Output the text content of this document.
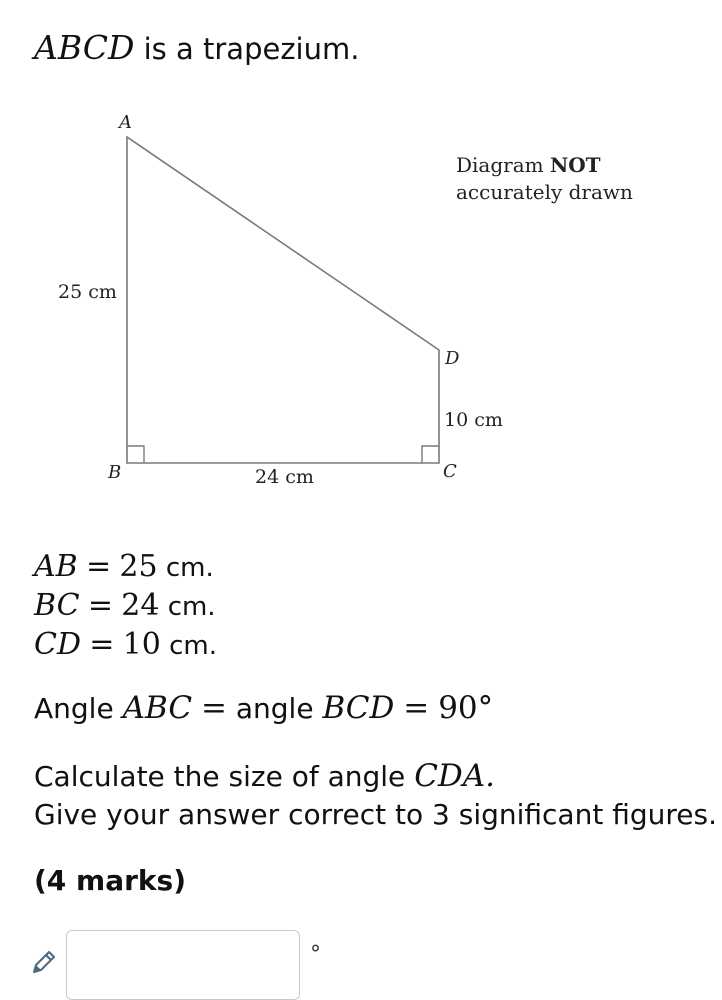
ABCD is a trapezium.
A
B	C
D
25 cm
24 cm
10 cm
Diagram NOT
accurately drawn
AB = 25 cm.
BC = 24 cm.
CD = 10 cm.
Angle ABC = angle BCD = 90°
Calculate the size of angle CDA.
Give your answer correct to 3 significant figures.
(4 marks)
°
